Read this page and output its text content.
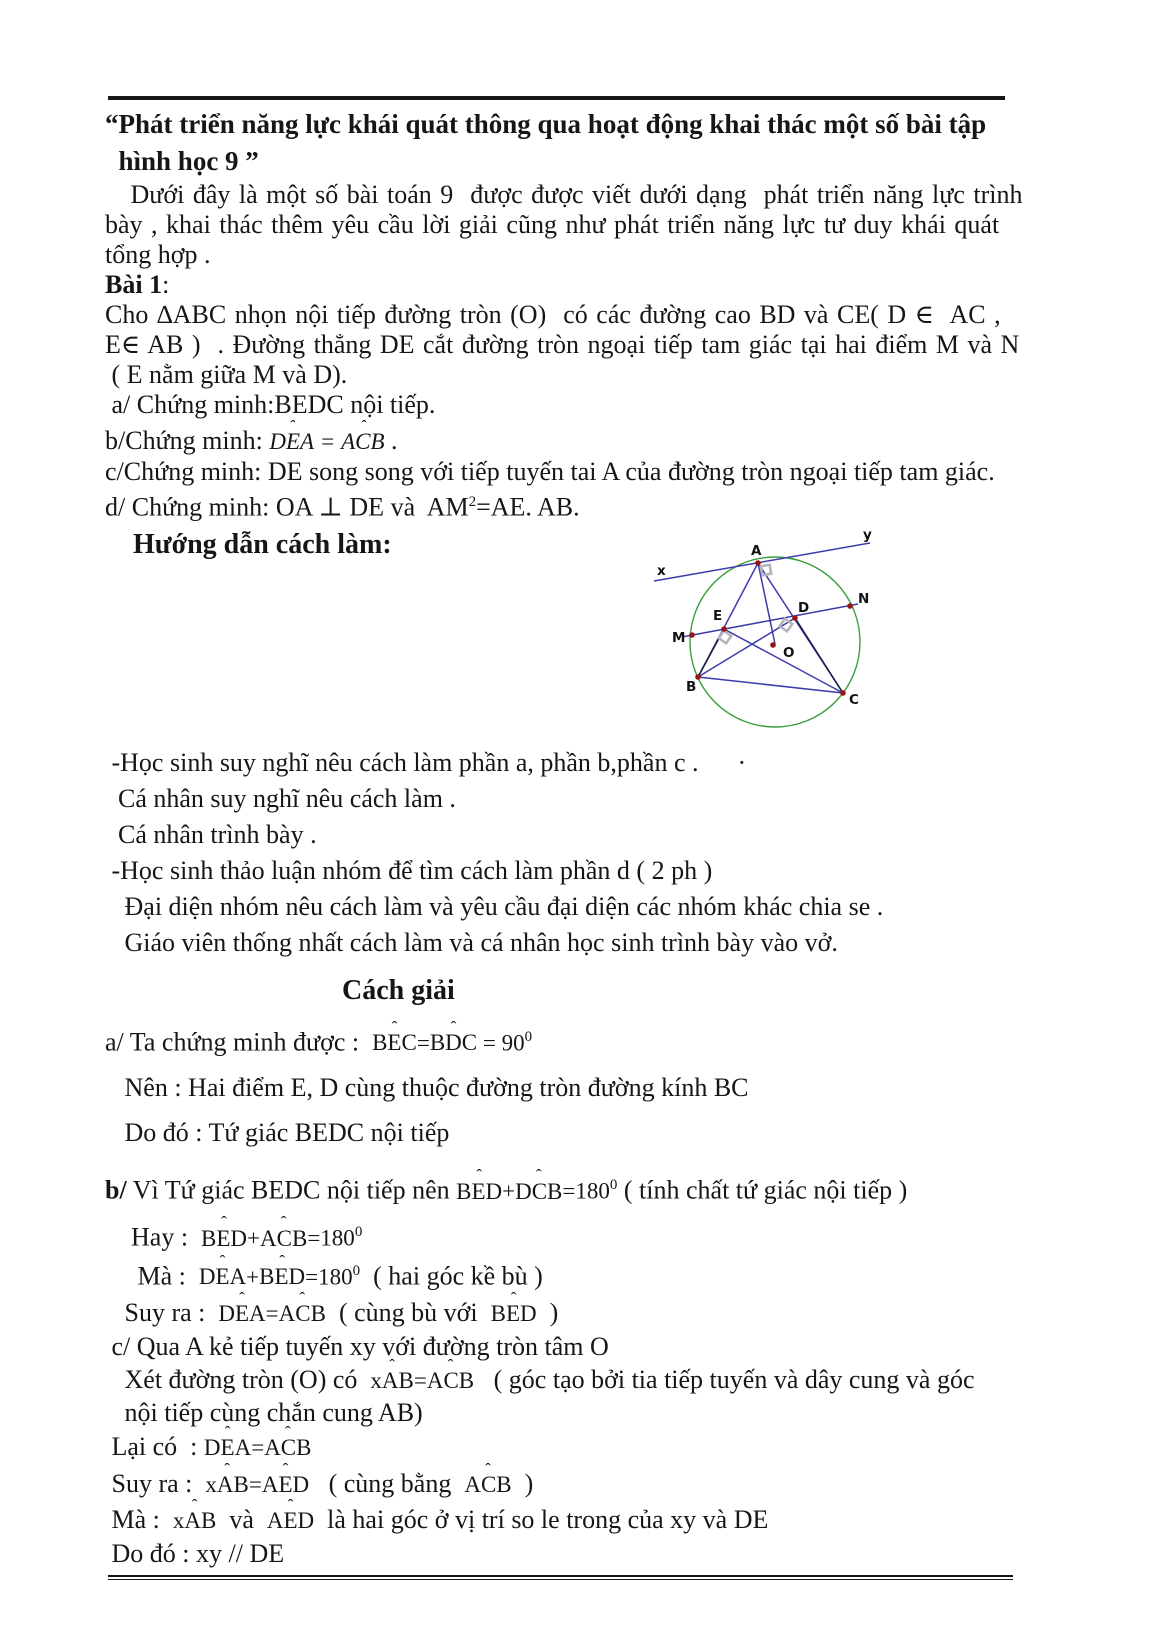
“Phát triển năng lực khái quát thông qua hoạt động khai thác một số bài tập
hình học 9 ”
Dưới đây là một số bài toán 9  được được viết dưới dạng  phát triển năng lực trình
bày , khai thác thêm yêu cầu lời giải cũng như phát triển năng lực tư duy khái quát
tổng hợp .
Bài 1:
Cho ∆ABC nhọn nội tiếp đường tròn (O)  có các đường cao BD và CE( D ∈  AC ,
E∈ AB )  . Đường thẳng DE cắt đường tròn ngoại tiếp tam giác tại hai điểm M và N
( E nằm giữa M và D).
a/ Chứng minh:BEDC nội tiếp.
b/Chứng minh: ˆ DEA = ˆ ACB .
c/Chứng minh: DE song song với tiếp tuyến tai A của đường tròn ngoại tiếp tam giác.
d/ Chứng minh: OA ⊥ DE và  $AM^2=AE$. AB.
Hướng dẫn cách làm:
-Học sinh suy nghĩ nêu cách làm phần a, phần b,phần c .      ·
Cá nhân suy nghĩ nêu cách làm .
Cá nhân trình bày .
-Học sinh thảo luận nhóm để tìm cách làm phần d ( 2 ph )
Đại diện nhóm nêu cách làm và yêu cầu đại diện các nhóm khác chia se .
Giáo viên thống nhất cách làm và cá nhân học sinh trình bày vào vở.
Cách giải
a/ Ta chứng minh được :  ˆ BEC=ˆ BDC = $90^0$
Nên : Hai điểm E, D cùng thuộc đường tròn đường kính BC
Do đó : Tứ giác BEDC nội tiếp
b/ Vì Tứ giác BEDC nội tiếp nên ˆ BED+ˆ $DCB=180^0$ ( tính chất tứ giác nội tiếp )
Hay :  ˆ BED+ˆ $ACB=180^0$
Mà :  ˆ DEA+ˆ $BED=180^0$  ( hai góc kề bù )
Suy ra :  ˆ DEA=ˆ ACB  ( cùng bù với  ˆ BED  )
c/ Qua A kẻ tiếp tuyến xy với đường tròn tâm O
Xét đường tròn (O) có  ˆ xAB=ˆ ACB   ( góc tạo bởi tia tiếp tuyến và dây cung và góc
nội tiếp cùng chắn cung AB)
Lại có  : ˆ DEA=ˆ ACB
Suy ra :  ˆ xAB=ˆ AED   ( cùng bằng  ˆ ACB  )
Mà :  ˆ xAB  và  ˆ AED  là hai góc ở vị trí so le trong của xy và DE
Do đó : xy // DE
A
B
C
D
E
M
N
O
x
y
